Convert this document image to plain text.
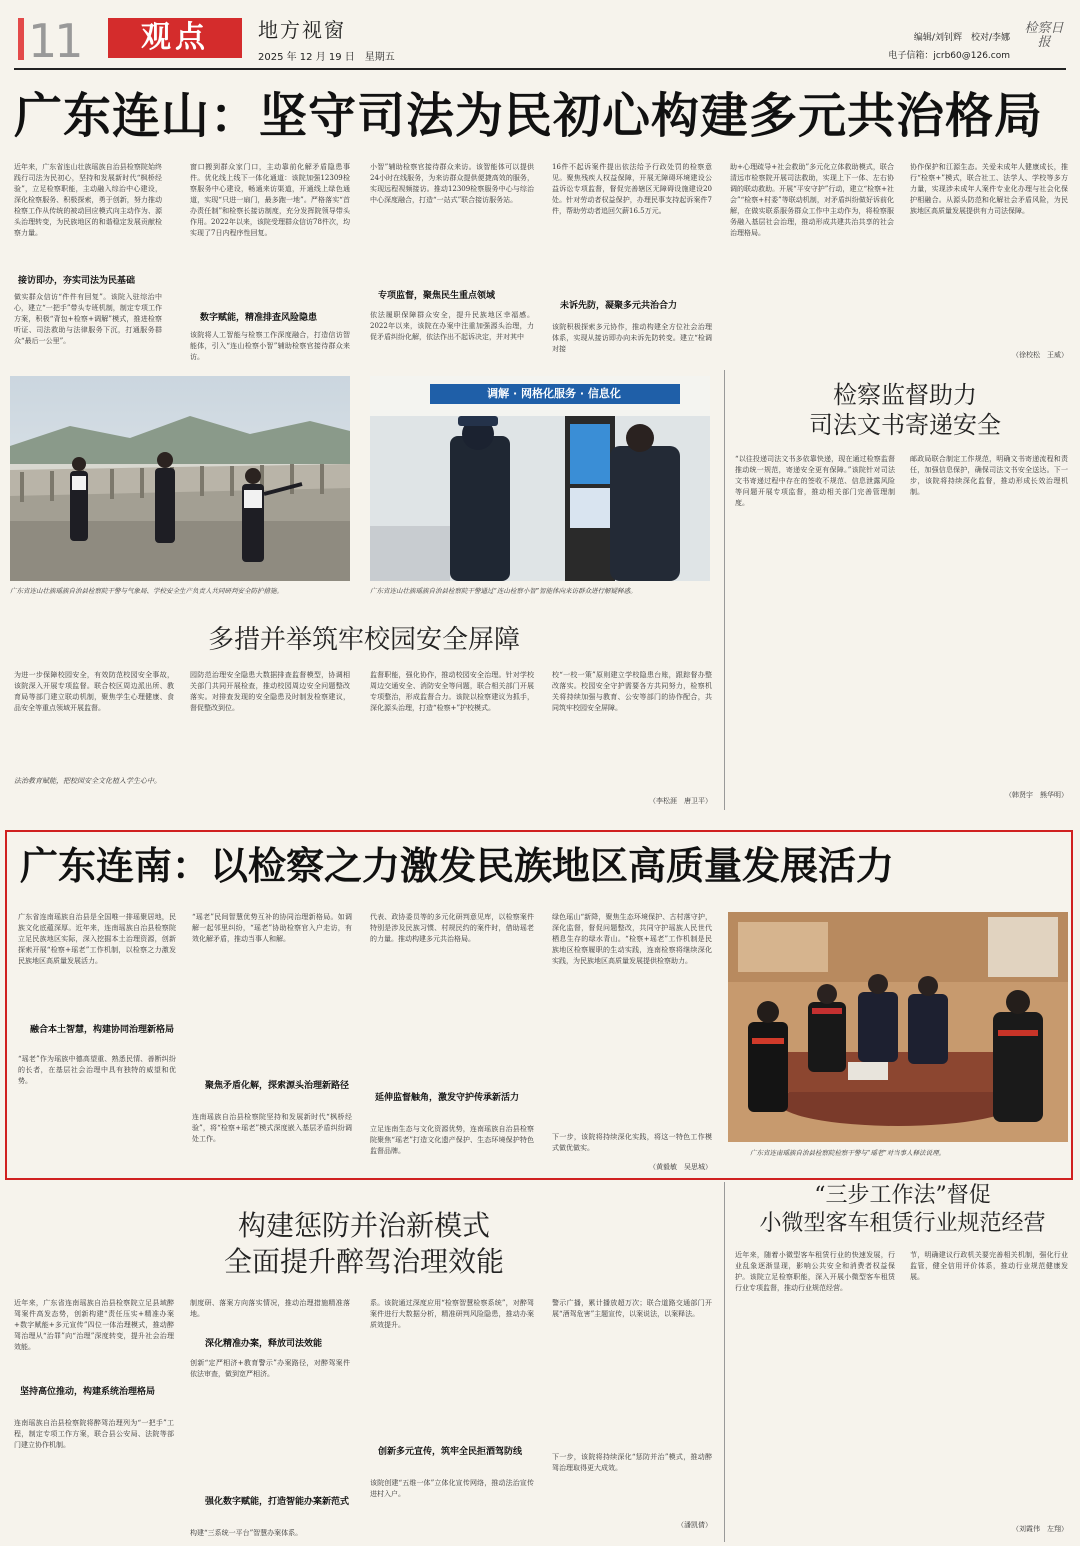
11	观点	地方视窗
2025 年 12 月 19 日　星期五
编辑/刘钊辉　校对/李娜
电子信箱：jcrb60@126.com
检察日报
广东连山：坚守司法为民初心构建多元共治格局
近年来，广东省连山壮族瑶族自治县检察院始终践行司法为民初心，坚持和发展新时代“枫桥经验”，立足检察职能，主动融入综治中心建设，深化检察服务、积极探索，勇于创新，努力推动检察工作从传统的被动回应模式向主动作为、源头治理转变，为民族地区的和谐稳定发展贡献检察力量。
接访即办，夯实司法为民基础
做实群众信访“件件有回复”。该院入驻综治中心，建立“一把手”带头专班机制，制定专项工作方案，积极“背包+检察+调解”模式，推进检察听证、司法救助与法律服务下沉，打通服务群众“最后一公里”。
窗口搬到群众家门口，主动靠前化解矛盾隐患事件。优化线上线下一体化通道：该院加强12309检察服务中心建设，畅通来访渠道，开通线上绿色通道，实现“只进一扇门，最多跑一地”。严格落实“首办责任制”和检察长接访制度，充分发挥院领导带头作用。2022年以来，该院受理群众信访78件次，均实现了7日内程序性回复。
数字赋能，精准排查风险隐患
该院将人工智能与检察工作深度融合，打造信访智能体，引入“连山检察小智”辅助检察官接待群众来访。
小智”辅助检察官接待群众来访。该智能体可以提供24小时在线服务，为来访群众提供便捷高效的服务，实现远程视频接访。推动12309检察服务中心与综治中心深度融合，打造“一站式”联合接访服务站。
专项监督，聚焦民生重点领域
依法履职保障群众安全，提升民族地区幸福感。2022年以来，该院在办案中注重加强源头治理，力促矛盾纠纷化解，依法作出不起诉决定，并对其中
16件不起诉案件提出依法给予行政处罚的检察意见。聚焦残疾人权益保障，开展无障碍环境建设公益诉讼专项监督，督促完善辖区无障碍设施建设20处。针对劳动者权益保护，办理民事支持起诉案件7件，帮助劳动者追回欠薪16.5万元。
未诉先防，凝聚多元共治合力
该院积极探索多元协作，推动构建全方位社会治理体系，实现从接访即办向未诉先防转变。建立“检调对接
助+心理疏导+社会救助”多元化立体救助模式，联合清远市检察院开展司法救助，实现上下一体、左右协调的联动救助。开展“平安守护”行动，建立“检察+社会”“检察+村委”等联动机制，对矛盾纠纷做好诉前化解，在做实联系服务群众工作中主动作为，将检察服务融入基层社会治理，推动形成共建共治共享的社会治理格局。
协作保护和江源生态。关爱未成年人健康成长，推行“检察+”模式，联合社工、法学人、学校等多方力量，实现涉未成年人案件专业化办理与社会化保护相融合。从源头防范和化解社会矛盾风险，为民族地区高质量发展提供有力司法保障。
（徐校松　王威）
广东省连山壮族瑶族自治县检察院干警与气象局、学校安全生产负责人共同研判安全防护措施。
调解 · 网格化服务 · 信息化
广东省连山壮族瑶族自治县检察院干警通过“连山检察小智”智能体向来访群众进行解疑释惑。
检察监督助力
司法文书寄递安全
“以往投递司法文书多依靠快递，现在通过检察监督推动统一规范，寄递安全更有保障。”该院针对司法文书寄递过程中存在的签收不规范、信息泄露风险等问题开展专项监督，推动相关部门完善管理制度。
邮政局联合制定工作规范，明确文书寄递流程和责任，加强信息保护，确保司法文书安全送达。下一步，该院将持续深化监督，推动形成长效治理机制。
（韩贤宇　熊华明）
多措并举筑牢校园安全屏障
为进一步保障校园安全，有效防范校园安全事故，该院深入开展专项监督。联合校区周边派出所、教育局等部门建立联动机制，聚焦学生心理健康、食品安全等重点领域开展监督。
法治教育赋能，把校园安全文化植入学生心中。
园防范治理安全隐患大数据排查监督模型，协调相关部门共同开展检查，推动校园周边安全问题整改落实。对排查发现的安全隐患及时制发检察建议，督促整改到位。
监督职能，强化协作，推动校园安全治理。针对学校周边交通安全、消防安全等问题，联合相关部门开展专项整治，形成监督合力。该院以检察建议为抓手，深化源头治理，打造“检察+”护校模式。
校“一校一策”原则建立学校隐患台账，跟踪督办整改落实。校园安全守护需要各方共同努力，检察机关将持续加强与教育、公安等部门的协作配合，共同筑牢校园安全屏障。
（李松涯　唐卫平）
广东连南：以检察之力激发民族地区高质量发展活力
广东省连南瑶族自治县是全国唯一排瑶聚居地，民族文化底蕴深厚。近年来，连南瑶族自治县检察院立足民族地区实际，深入挖掘本土治理资源，创新探索开展“检察+瑶老”工作机制，以检察之力激发民族地区高质量发展活力。
融合本土智慧，构建协同治理新格局
“瑶老”作为瑶族中德高望重、熟悉民情、善断纠纷的长者，在基层社会治理中具有独特的威望和优势。
“瑶老”民间智慧优势互补的协同治理新格局。如调解一起邻里纠纷，“瑶老”协助检察官入户走访，有效化解矛盾，推动当事人和解。
聚焦矛盾化解，探索源头治理新路径
连南瑶族自治县检察院坚持和发展新时代“枫桥经验”，将“检察+瑶老”模式深度嵌入基层矛盾纠纷调处工作。
代表、政协委员等的多元化研判意见库，以检察案件特别是涉及民族习惯、村规民约的案件时，借助瑶老的力量。推动构建多元共治格局。
延伸监督触角，激发守护传承新活力
立足连南生态与文化资源优势，连南瑶族自治县检察院聚焦“瑶老”打造文化遗产保护、生态环境保护特色监督品牌。
绿色瑶山“新降，聚焦生态环境保护、古村落守护，深化监督，督促问题整改，共同守护瑶族人民世代栖息生存的绿水青山。“检察+瑶老”工作机制是民族地区检察履职的生动实践，连南检察将继续深化实践，为民族地区高质量发展提供检察助力。
下一步，该院将持续深化实践，将这一特色工作模式做优做实。
（黄毅敏　吴思城）
广东省连南瑶族自治县检察院检察干警与“瑶老”对当事人释法说理。
构建惩防并治新模式
全面提升醉驾治理效能
近年来，广东省连南瑶族自治县检察院立足县域醉驾案件高发态势，创新构建“责任压实+精准办案+数字赋能+多元宣传”四位一体治理模式，推动醉驾治理从“治罪”向“治理”深度转变，提升社会治理效能。
坚持高位推动，构建系统治理格局
连南瑶族自治县检察院将醉驾治理列为“一把手”工程，制定专项工作方案，联合县公安局、法院等部门建立协作机制。
制度研、落案方向落实情况，推动治理措施精准落地。
深化精准办案，释放司法效能
创新“定严相济+教育警示”办案路径，对醉驾案件依法审查，做到宽严相济。
强化数字赋能，打造智能办案新范式
构建“三系统一平台”智慧办案体系。
系。该院通过深度应用“检察智慧检察系统”，对醉驾案件进行大数据分析，精准研判风险隐患，推动办案质效提升。
创新多元宣传，筑牢全民拒酒驾防线
该院创建“五维一体”立体化宣传网络，推动法治宣传进村入户。
警示广播，累计播放超万次；联合道路交通部门开展“酒驾危害”主题宣传，以案说法，以案释法。
下一步，该院将持续深化“惩防并治”模式，推动醉驾治理取得更大成效。
（潘凯倩）
“三步工作法”督促
小微型客车租赁行业规范经营
近年来，随着小微型客车租赁行业的快速发展，行业乱象逐渐显现，影响公共安全和消费者权益保护。该院立足检察职能，深入开展小微型客车租赁行业专项监督，推动行业规范经营。
节，明确建议行政机关要完善相关机制，强化行业监管，健全信用评价体系，推动行业规范健康发展。
（刘霞伟　左翔）
